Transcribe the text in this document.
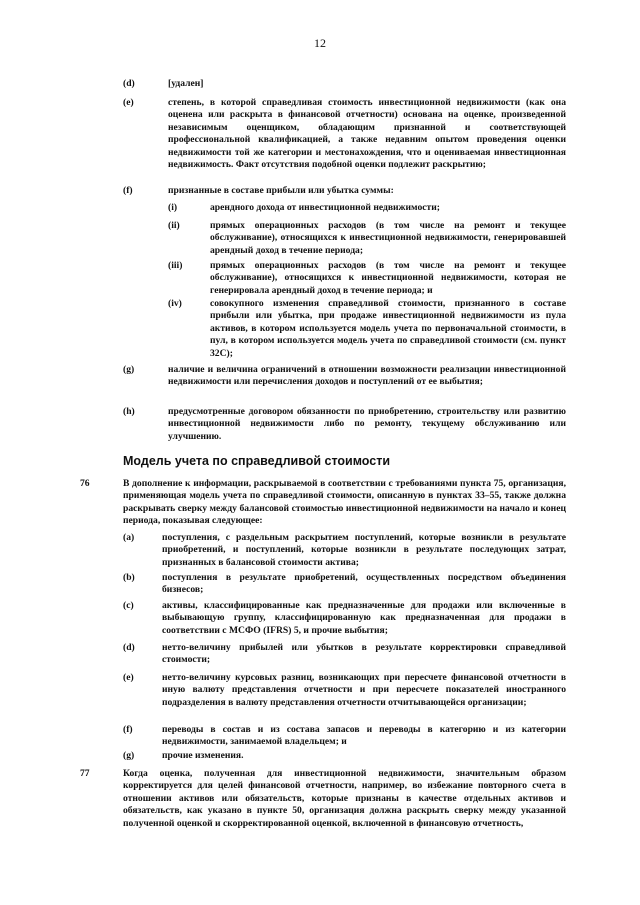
12
(d)	[удален]
(e)	степень, в которой справедливая стоимость инвестиционной недвижимости (как она оценена или раскрыта в финансовой отчетности) основана на оценке, произведенной независимым оценщиком, обладающим признанной и соответствующей профессиональной квалификацией, а также недавним опытом проведения оценки недвижимости той же категории и местонахождения, что и оцениваемая инвестиционная недвижимость. Факт отсутствия подобной оценки подлежит раскрытию;
(f)	признанные в составе прибыли или убытка суммы:
(i)	арендного дохода от инвестиционной недвижимости;
(ii)	прямых операционных расходов (в том числе на ремонт и текущее обслуживание), относящихся к инвестиционной недвижимости, генерировавшей арендный доход в течение периода;
(iii)	прямых операционных расходов (в том числе на ремонт и текущее обслуживание), относящихся к инвестиционной недвижимости, которая не генерировала арендный доход в течение периода; и
(iv)	совокупного изменения справедливой стоимости, признанного в составе прибыли или убытка, при продаже инвестиционной недвижимости из пула активов, в котором используется модель учета по первоначальной стоимости, в пул, в котором используется модель учета по справедливой стоимости (см. пункт 32С);
(g)	наличие и величина ограничений в отношении возможности реализации инвестиционной недвижимости или перечисления доходов и поступлений от ее выбытия;
(h)	предусмотренные договором обязанности по приобретению, строительству или развитию инвестиционной недвижимости либо по ремонту, текущему обслуживанию или улучшению.
Модель учета по справедливой стоимости
76	В дополнение к информации, раскрываемой в соответствии с требованиями пункта 75, организация, применяющая модель учета по справедливой стоимости, описанную в пунктах 33–55, также должна раскрывать сверку между балансовой стоимостью инвестиционной недвижимости на начало и конец периода, показывая следующее:
(a)	поступления, с раздельным раскрытием поступлений, которые возникли в результате приобретений, и поступлений, которые возникли в результате последующих затрат, признанных в балансовой стоимости актива;
(b)	поступления в результате приобретений, осуществленных посредством объединения бизнесов;
(c)	активы, классифицированные как предназначенные для продажи или включенные в выбывающую группу, классифицированную как предназначенная для продажи в соответствии с МСФО (IFRS) 5, и прочие выбытия;
(d)	нетто-величину прибылей или убытков в результате корректировки справедливой стоимости;
(e)	нетто-величину курсовых разниц, возникающих при пересчете финансовой отчетности в иную валюту представления отчетности и при пересчете показателей иностранного подразделения в валюту представления отчетности отчитывающейся организации;
(f)	переводы в состав и из состава запасов и переводы в категорию и из категории недвижимости, занимаемой владельцем; и
(g)	прочие изменения.
77	Когда оценка, полученная для инвестиционной недвижимости, значительным образом корректируется для целей финансовой отчетности, например, во избежание повторного счета в отношении активов или обязательств, которые признаны в качестве отдельных активов и обязательств, как указано в пункте 50, организация должна раскрыть сверку между указанной полученной оценкой и скорректированной оценкой, включенной в финансовую отчетность,
